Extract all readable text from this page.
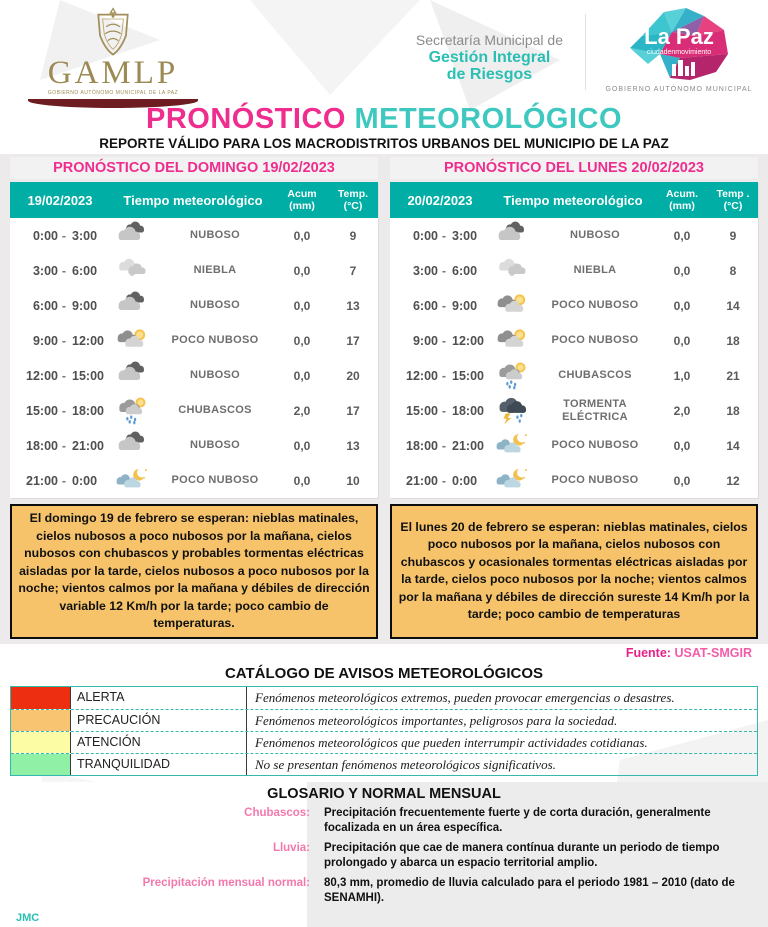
GAMLP
GOBIERNO AUTÓNOMO MUNICIPAL DE LA PAZ
Secretaría Municipal de
Gestión Integral
de Riesgos
La Paz
ciudadenmovimiento
GOBIERNO AUTÓNOMO MUNICIPAL
PRONÓSTICO METEOROLÓGICO
REPORTE VÁLIDO PARA LOS MACRODISTRITOS URBANOS DEL MUNICIPIO DE LA PAZ
PRONÓSTICO DEL DOMINGO 19/02/2023	PRONÓSTICO DEL LUNES 20/02/2023
19/02/2023	Tiempo meteorológico	Acum
(mm)
Temp.
(°C)
0:00 - 3:00	NUBOSO	0,0	9
3:00 - 6:00	NIEBLA	0,0	7
6:00 - 9:00	NUBOSO	0,0	13
9:00 - 12:00	POCO NUBOSO	0,0	17
12:00 - 15:00	NUBOSO	0,0	20
15:00 - 18:00	CHUBASCOS	2,0	17
18:00 - 21:00	NUBOSO	0,0	13
21:00 - 0:00	POCO NUBOSO	0,0	10
20/02/2023	Tiempo meteorológico	Acum.
(mm)
Temp .
(°C)
0:00 - 3:00	NUBOSO	0,0	9
3:00 - 6:00	NIEBLA	0,0	8
6:00 - 9:00	POCO NUBOSO	0,0	14
9:00 - 12:00	POCO NUBOSO	0,0	18
12:00 - 15:00	CHUBASCOS	1,0	21
15:00 - 18:00	TORMENTA ELÉCTRICA	2,0	18
18:00 - 21:00	POCO NUBOSO	0,0	14
21:00 - 0:00	POCO NUBOSO	0,0	12
El domingo 19 de febrero se esperan: nieblas matinales, cielos nubosos a poco nubosos por la mañana, cielos nubosos con chubascos y probables tormentas eléctricas aisladas por la tarde, cielos nubosos a poco nubosos por la noche; vientos calmos por la mañana y débiles de dirección variable 12 Km/h por la tarde; poco cambio de temperaturas.
El lunes 20 de febrero se esperan: nieblas matinales, cielos poco nubosos por la mañana, cielos nubosos con chubascos y ocasionales tormentas eléctricas aisladas por la tarde, cielos poco nubosos por la noche; vientos calmos por la mañana y débiles de dirección sureste 14 Km/h por la tarde; poco cambio de temperaturas
Fuente: USAT-SMGIR
CATÁLOGO DE AVISOS METEOROLÓGICOS
ALERTA	Fenómenos meteorológicos extremos, pueden provocar emergencias o desastres.
PRECAUCIÓN	Fenómenos meteorológicos importantes, peligrosos para la sociedad.
ATENCIÓN	Fenómenos meteorológicos que pueden interrumpir actividades cotidianas.
TRANQUILIDAD	No se presentan fenómenos meteorológicos significativos.
GLOSARIO Y NORMAL MENSUAL
Chubascos: Precipitación frecuentemente fuerte y de corta duración, generalmente focalizada en un área específica.
Lluvia: Precipitación que cae de manera contínua durante un periodo de tiempo prolongado y abarca un espacio territorial amplio.
Precipitación mensual normal: 80,3 mm, promedio de lluvia calculado para el periodo 1981 – 2010 (dato de SENAMHI).
JMC
